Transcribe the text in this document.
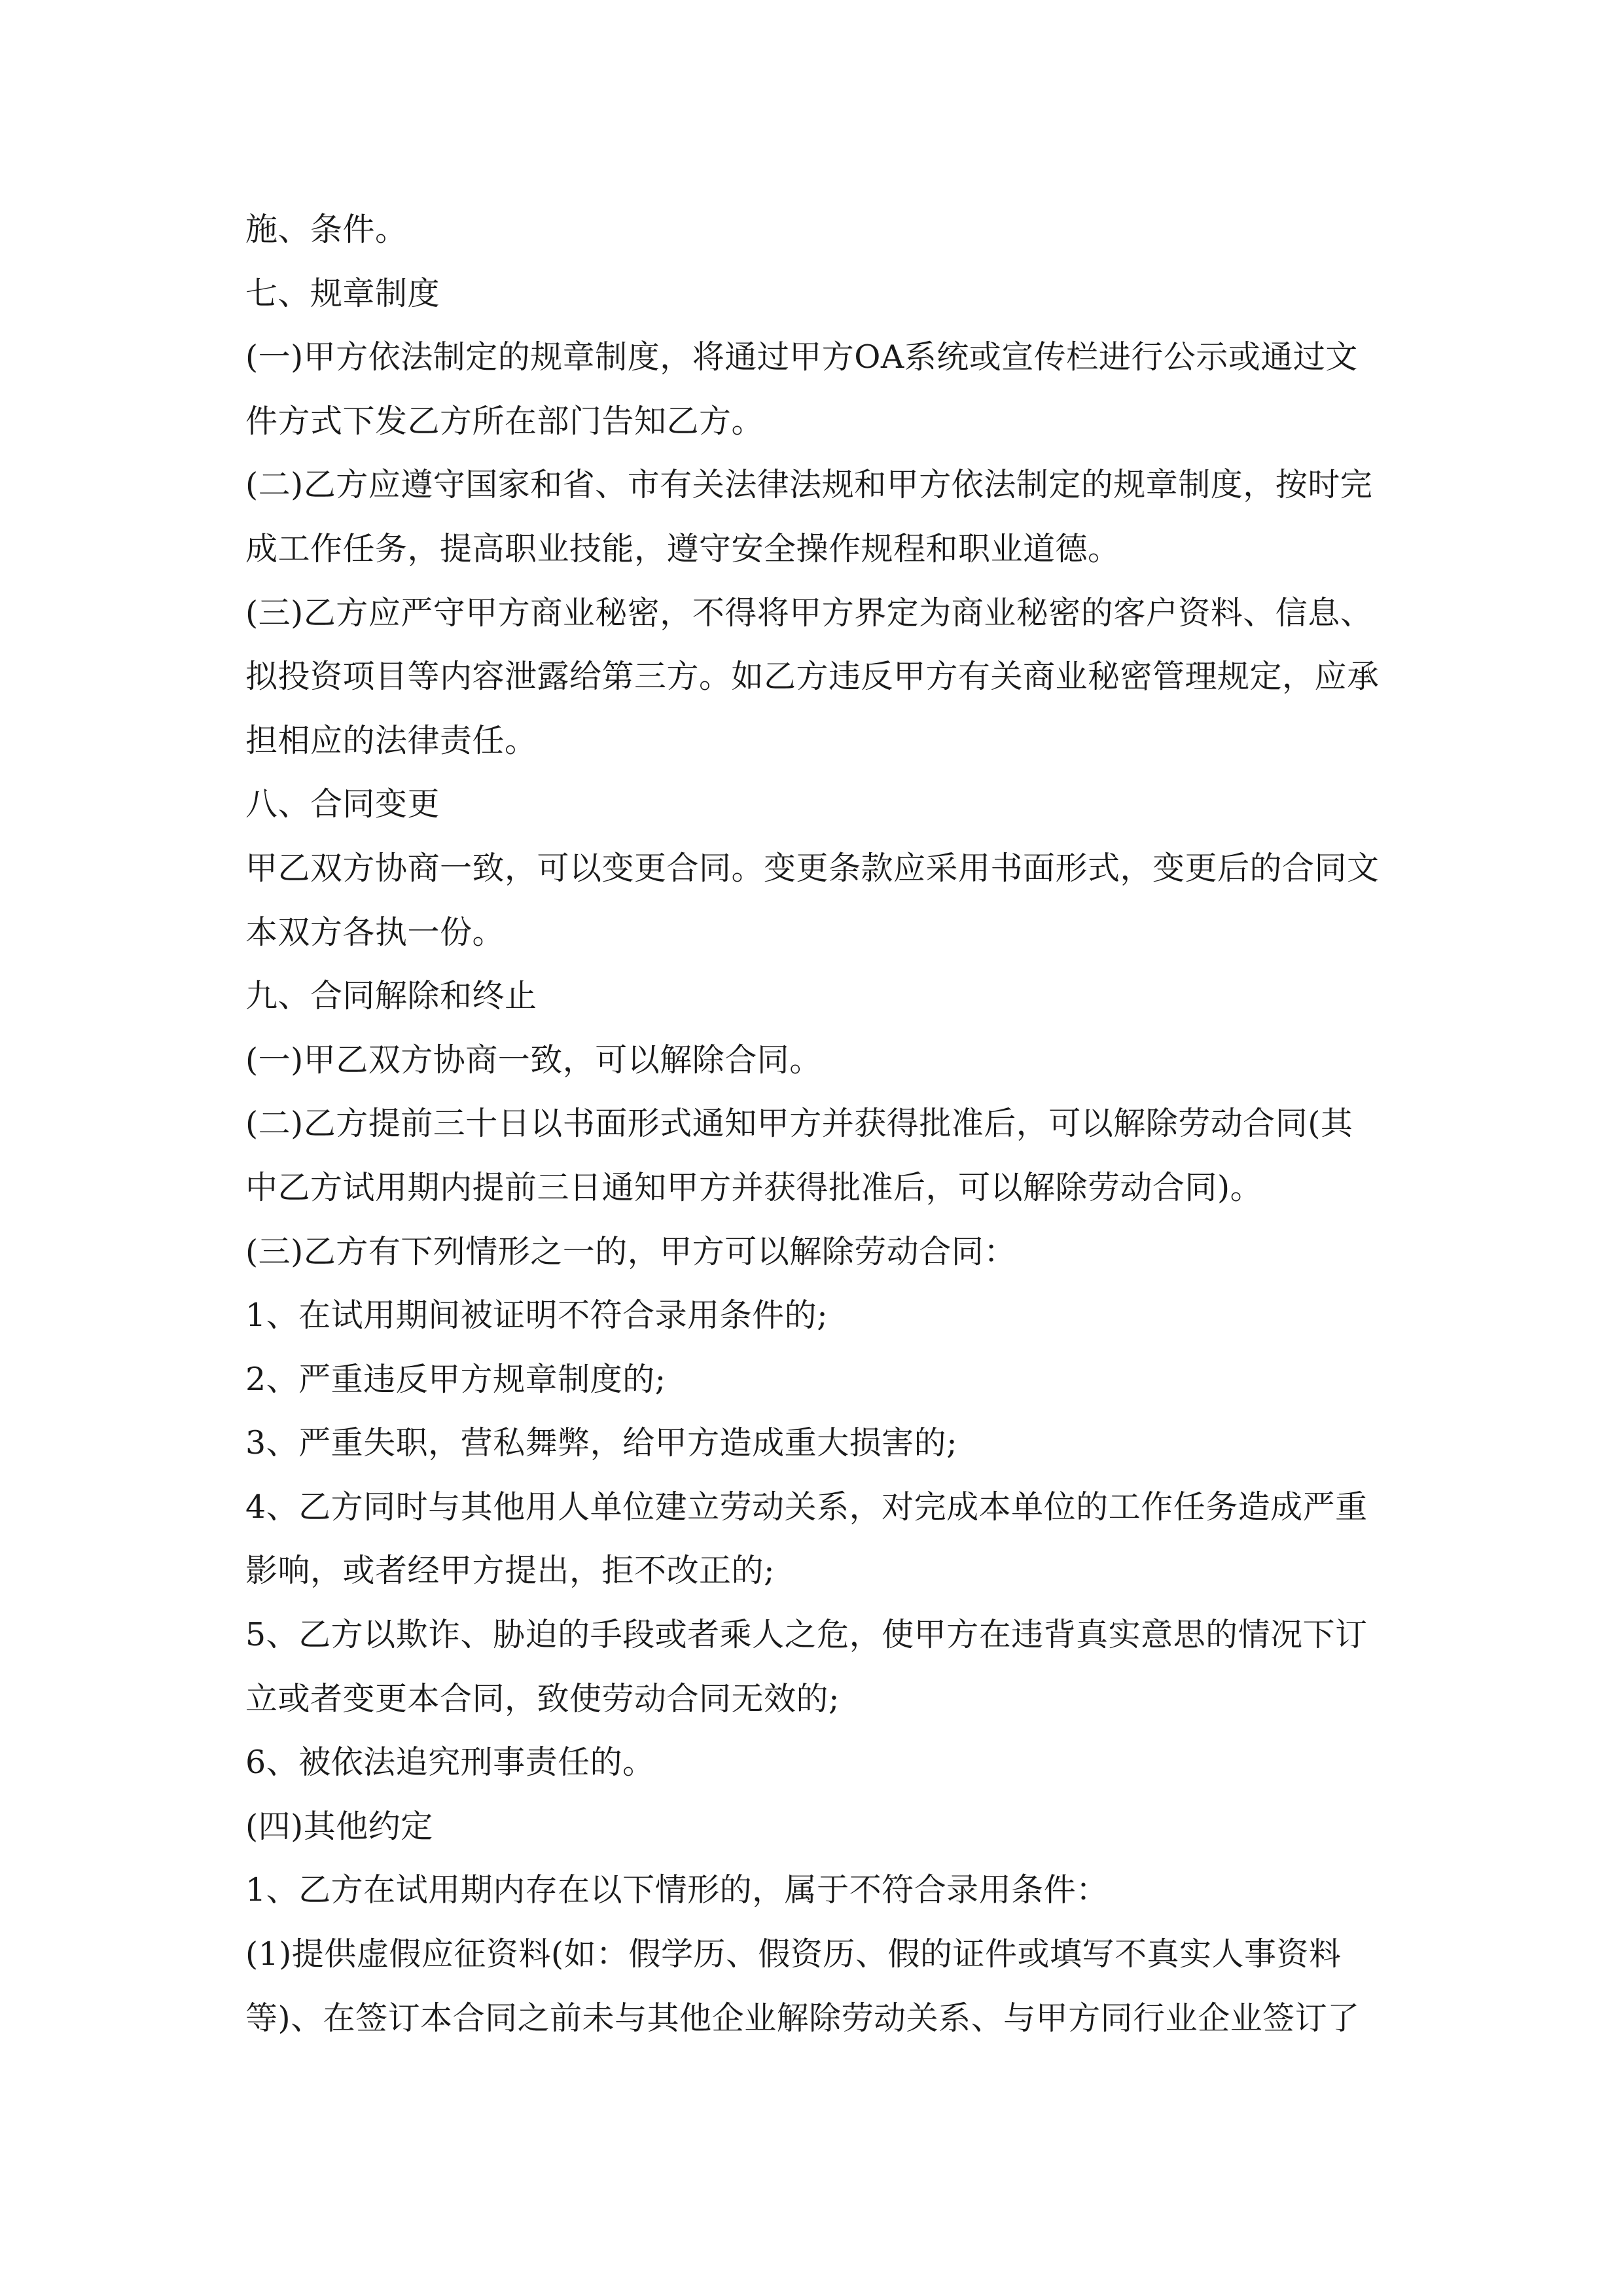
施、条件。
七、规章制度
(一)甲方依法制定的规章制度，将通过甲方OA系统或宣传栏进行公示或通过文
件方式下发乙方所在部门告知乙方。
(二)乙方应遵守国家和省、市有关法律法规和甲方依法制定的规章制度，按时完
成工作任务，提高职业技能，遵守安全操作规程和职业道德。
(三)乙方应严守甲方商业秘密，不得将甲方界定为商业秘密的客户资料、信息、
拟投资项目等内容泄露给第三方。如乙方违反甲方有关商业秘密管理规定，应承
担相应的法律责任。
八、合同变更
甲乙双方协商一致，可以变更合同。变更条款应采用书面形式，变更后的合同文
本双方各执一份。
九、合同解除和终止
(一)甲乙双方协商一致，可以解除合同。
(二)乙方提前三十日以书面形式通知甲方并获得批准后，可以解除劳动合同(其
中乙方试用期内提前三日通知甲方并获得批准后，可以解除劳动合同)。
(三)乙方有下列情形之一的，甲方可以解除劳动合同：
1、在试用期间被证明不符合录用条件的;
2、严重违反甲方规章制度的;
3、严重失职，营私舞弊，给甲方造成重大损害的;
4、乙方同时与其他用人单位建立劳动关系，对完成本单位的工作任务造成严重
影响，或者经甲方提出，拒不改正的;
5、乙方以欺诈、胁迫的手段或者乘人之危，使甲方在违背真实意思的情况下订
立或者变更本合同，致使劳动合同无效的;
6、被依法追究刑事责任的。
(四)其他约定
1、乙方在试用期内存在以下情形的，属于不符合录用条件：
(1)提供虚假应征资料(如：假学历、假资历、假的证件或填写不真实人事资料
等)、在签订本合同之前未与其他企业解除劳动关系、与甲方同行业企业签订了
